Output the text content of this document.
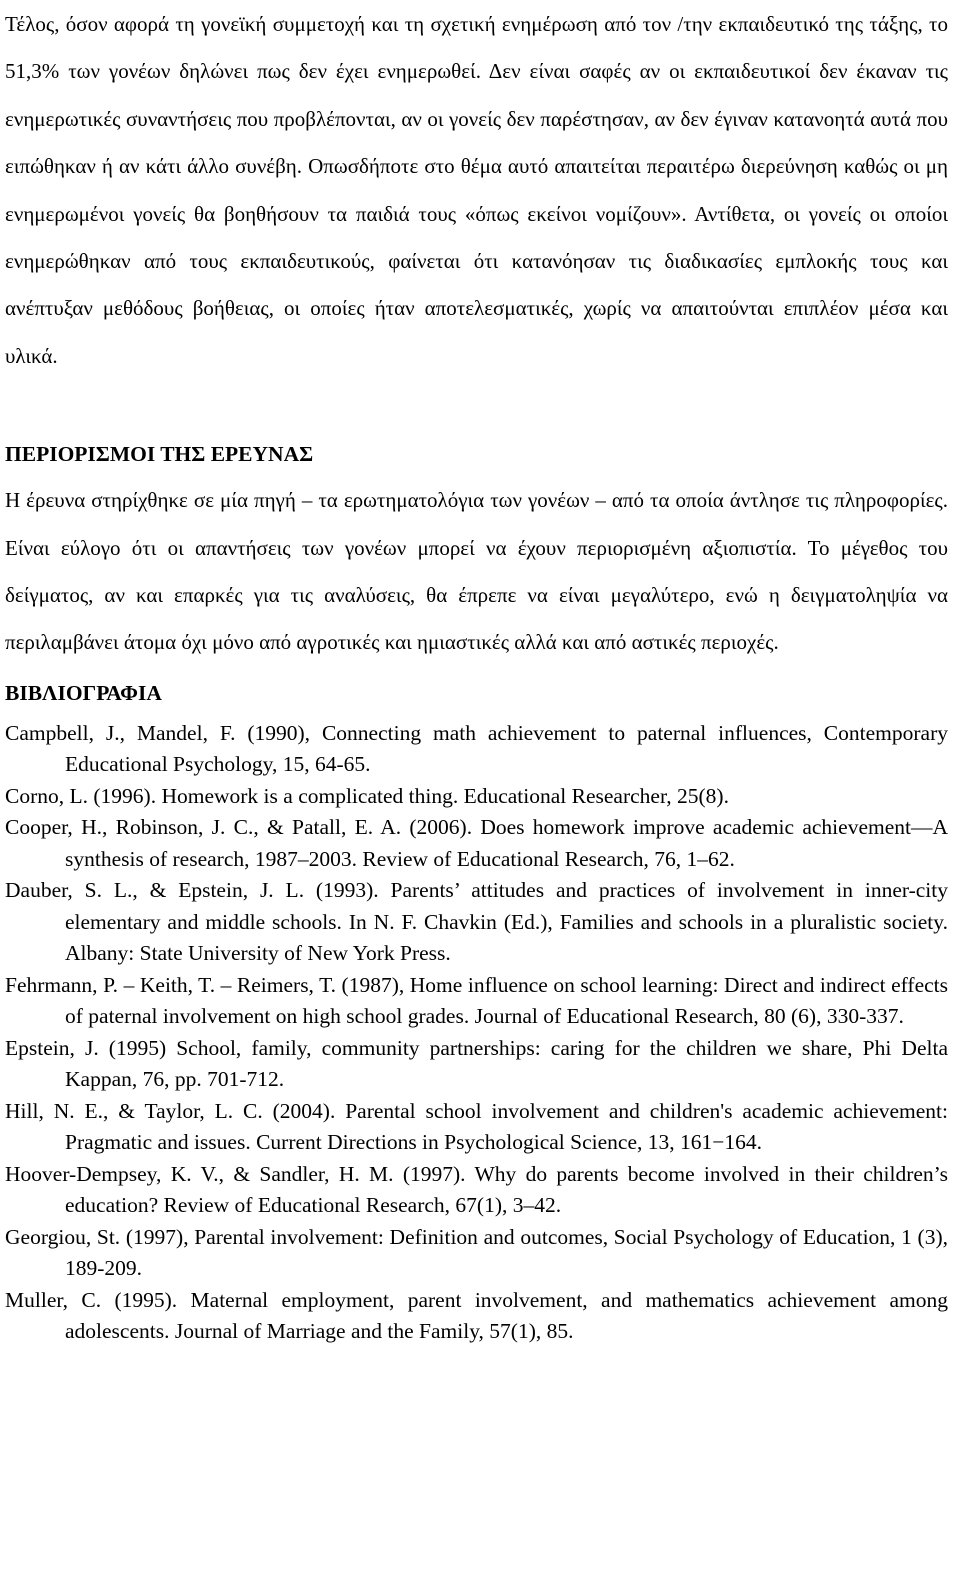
Τέλος, όσον αφορά τη γονεϊκή συμμετοχή και τη σχετική ενημέρωση από τον /την εκπαιδευτικό της τάξης, το 51,3% των γονέων δηλώνει πως δεν έχει ενημερωθεί. Δεν είναι σαφές αν οι εκπαιδευτικοί δεν έκαναν τις ενημερωτικές συναντήσεις που προβλέπονται, αν οι γονείς δεν παρέστησαν, αν δεν έγιναν κατανοητά αυτά που ειπώθηκαν ή αν κάτι άλλο συνέβη. Οπωσδήποτε στο θέμα αυτό απαιτείται περαιτέρω διερεύνηση καθώς οι μη ενημερωμένοι γονείς θα βοηθήσουν τα παιδιά τους «όπως εκείνοι νομίζουν». Αντίθετα, οι γονείς οι οποίοι ενημερώθηκαν από τους εκπαιδευτικούς, φαίνεται ότι κατανόησαν τις διαδικασίες εμπλοκής τους και ανέπτυξαν μεθόδους βοήθειας, οι οποίες ήταν αποτελεσματικές, χωρίς να απαιτούνται επιπλέον μέσα και υλικά.

ΠΕΡΙΟΡΙΣΜΟΙ ΤΗΣ ΕΡΕΥΝΑΣ

Η έρευνα στηρίχθηκε σε μία πηγή – τα ερωτηματολόγια των γονέων – από τα οποία άντλησε τις πληροφορίες. Είναι εύλογο ότι οι απαντήσεις των γονέων μπορεί να έχουν περιορισμένη αξιοπιστία. Το μέγεθος του δείγματος, αν και επαρκές για τις αναλύσεις, θα έπρεπε να είναι μεγαλύτερο, ενώ η δειγματοληψία να περιλαμβάνει άτομα όχι μόνο από αγροτικές και ημιαστικές αλλά και από αστικές περιοχές.

ΒΙΒΛΙΟΓΡΑΦΙΑ
Campbell, J., Mandel, F. (1990), Connecting math achievement to paternal influences, Contemporary Educational Psychology, 15, 64-65.
Corno, L. (1996). Homework is a complicated thing. Educational Researcher, 25(8).
Cooper, H., Robinson, J. C., & Patall, E. A. (2006). Does homework improve academic achievement—A synthesis of research, 1987–2003. Review of Educational Research, 76, 1–62.
Dauber, S. L., & Epstein, J. L. (1993). Parents’ attitudes and practices of involvement in inner-city elementary and middle schools. In N. F. Chavkin (Ed.), Families and schools in a pluralistic society. Albany: State University of New York Press.
Fehrmann, P. – Keith, T. – Reimers, T. (1987), Home influence on school learning: Direct and indirect effects of paternal involvement on high school grades. Journal of Educational Research, 80 (6), 330-337.
Epstein, J. (1995) School, family, community partnerships: caring for the children we share, Phi Delta Kappan, 76, pp. 701-712.
Hill, N. E., & Taylor, L. C. (2004). Parental school involvement and children's academic achievement: Pragmatic and issues. Current Directions in Psychological Science, 13, 161−164.
Hoover-Dempsey, K. V., & Sandler, H. M. (1997). Why do parents become involved in their children’s education? Review of Educational Research, 67(1), 3–42.
Georgiou, St. (1997), Parental involvement: Definition and outcomes, Social Psychology of Education, 1 (3), 189-209.
Muller, C. (1995). Maternal employment, parent involvement, and mathematics achievement among adolescents. Journal of Marriage and the Family, 57(1), 85.
